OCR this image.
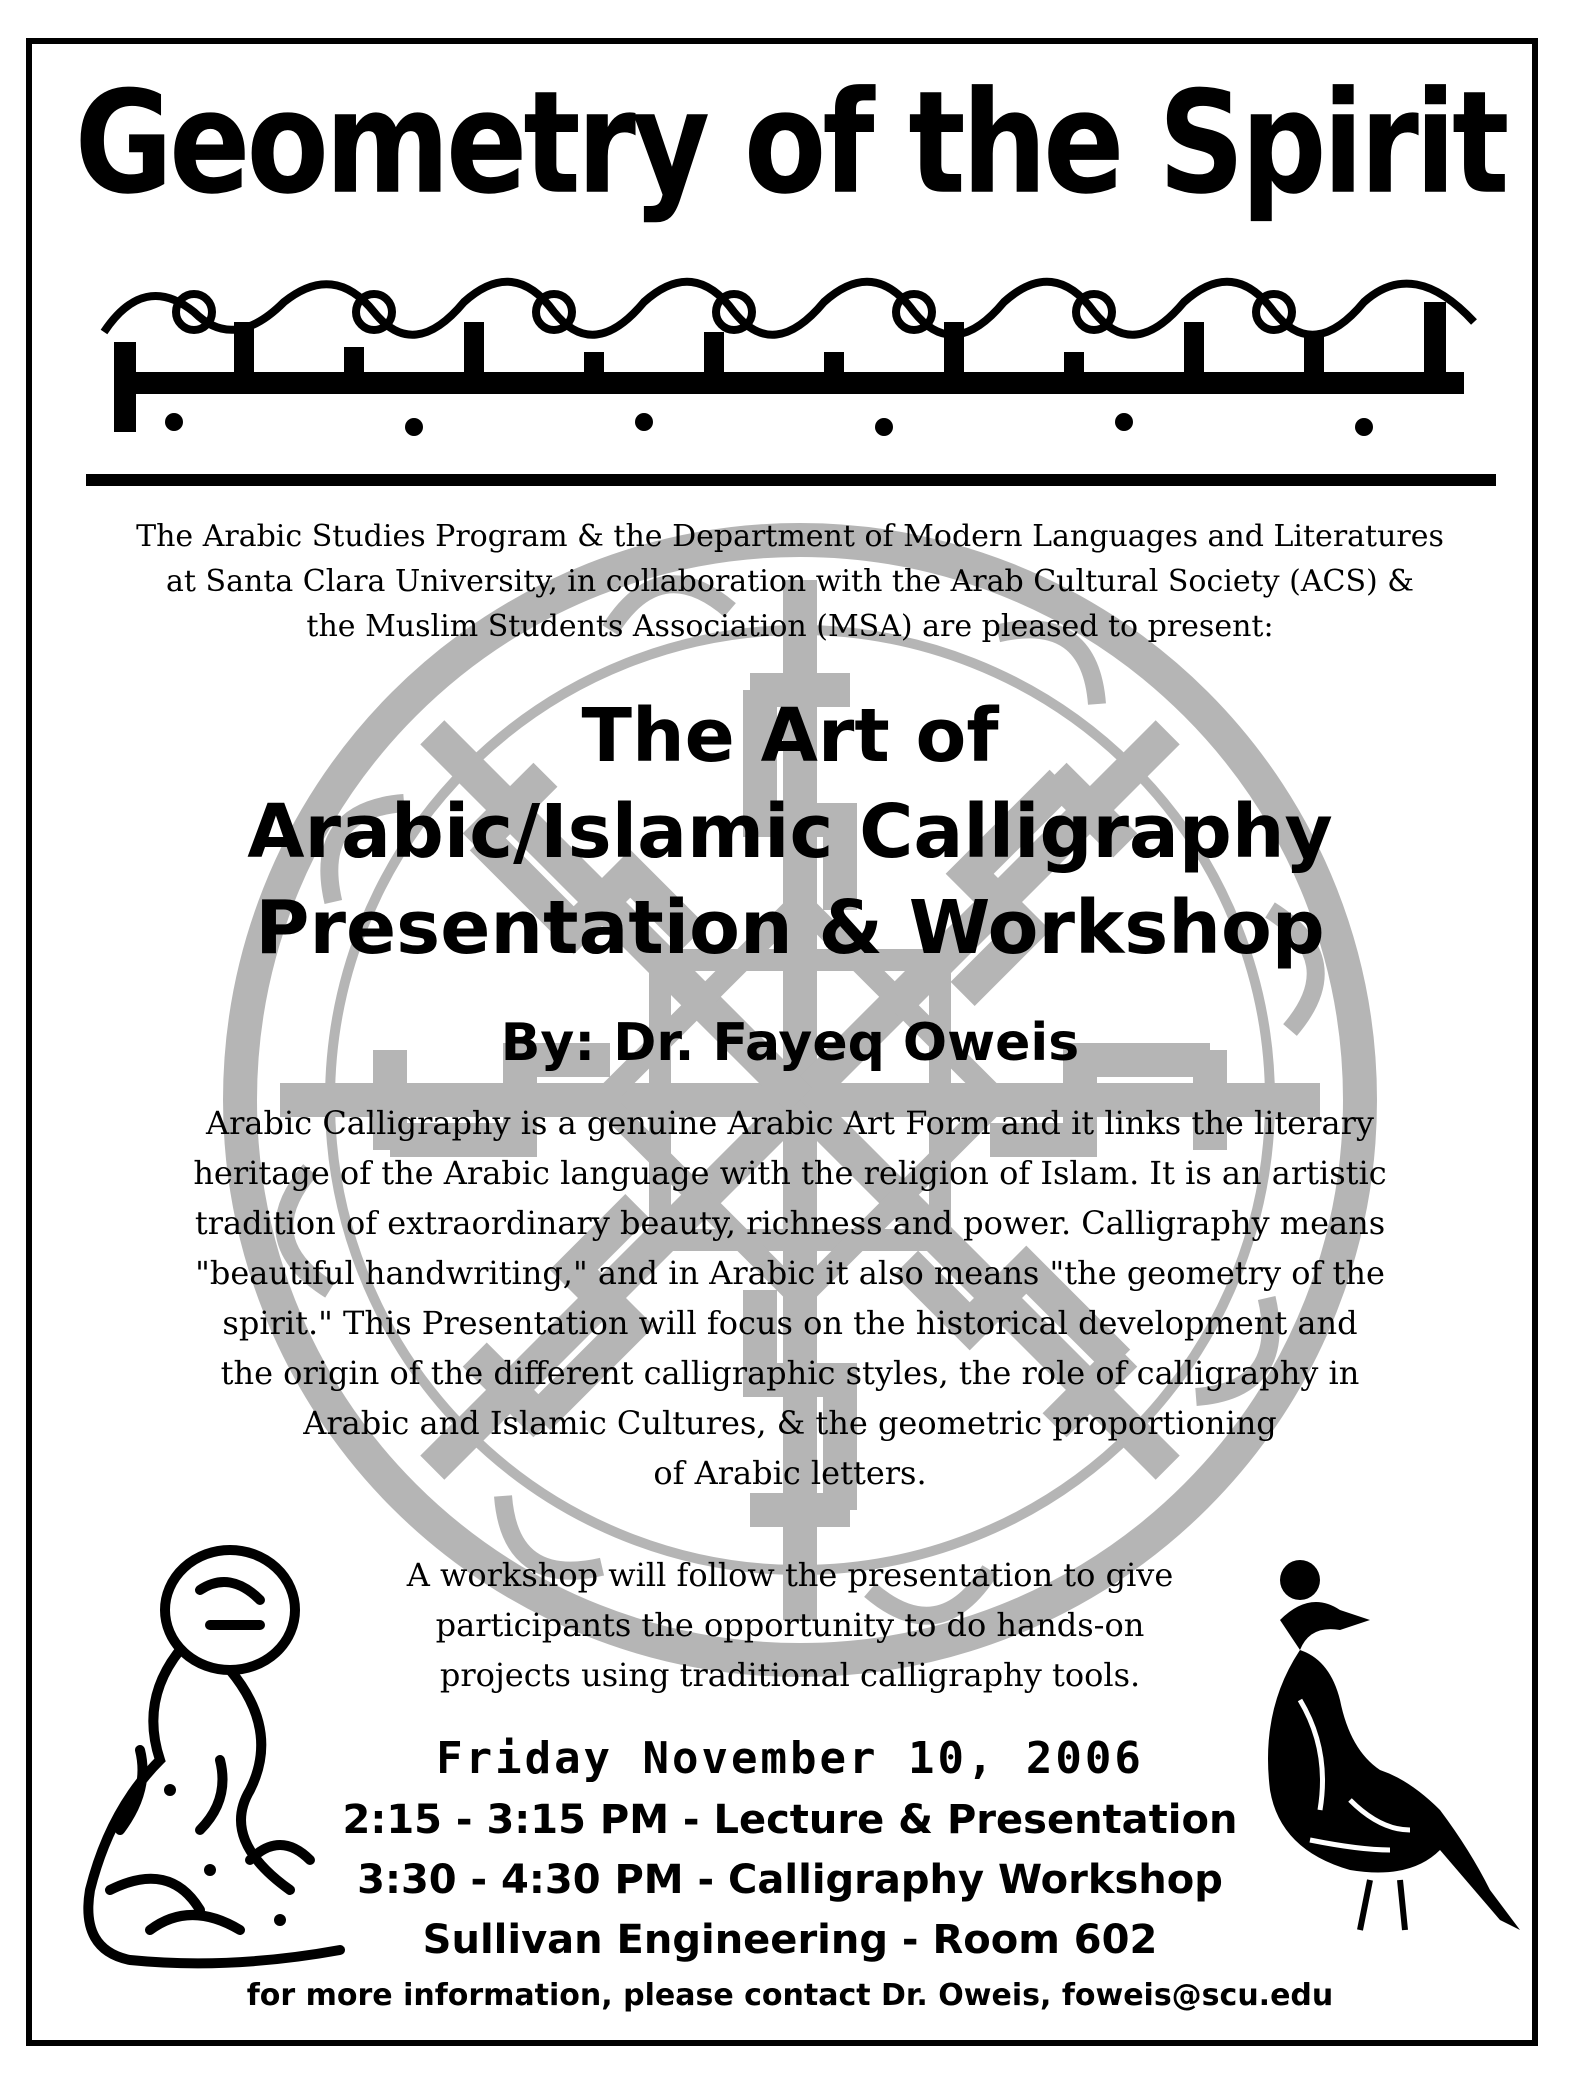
Geometry of the Spirit
The Arabic Studies Program & the Department of Modern Languages and Literatures
at Santa Clara University, in collaboration with the Arab Cultural Society (ACS) &
the Muslim Students Association (MSA) are pleased to present:
The Art of
Arabic/Islamic Calligraphy
Presentation & Workshop
By: Dr. Fayeq Oweis
Arabic Calligraphy is a genuine Arabic Art Form and it links the literary
heritage of the Arabic language with the religion of Islam. It is an artistic
tradition of extraordinary beauty, richness and power. Calligraphy means
"beautiful handwriting," and in Arabic it also means "the geometry of the
spirit." This Presentation will focus on the historical development and
the origin of the different calligraphic styles, the role of calligraphy in
Arabic and Islamic Cultures, & the geometric proportioning
of Arabic letters.
A workshop will follow the presentation to give
participants the opportunity to do hands-on
projects using traditional calligraphy tools.
Friday November 10, 2006
2:15 - 3:15 PM - Lecture & Presentation
3:30 - 4:30 PM - Calligraphy Workshop
Sullivan Engineering - Room 602
for more information, please contact Dr. Oweis, foweis@scu.edu
